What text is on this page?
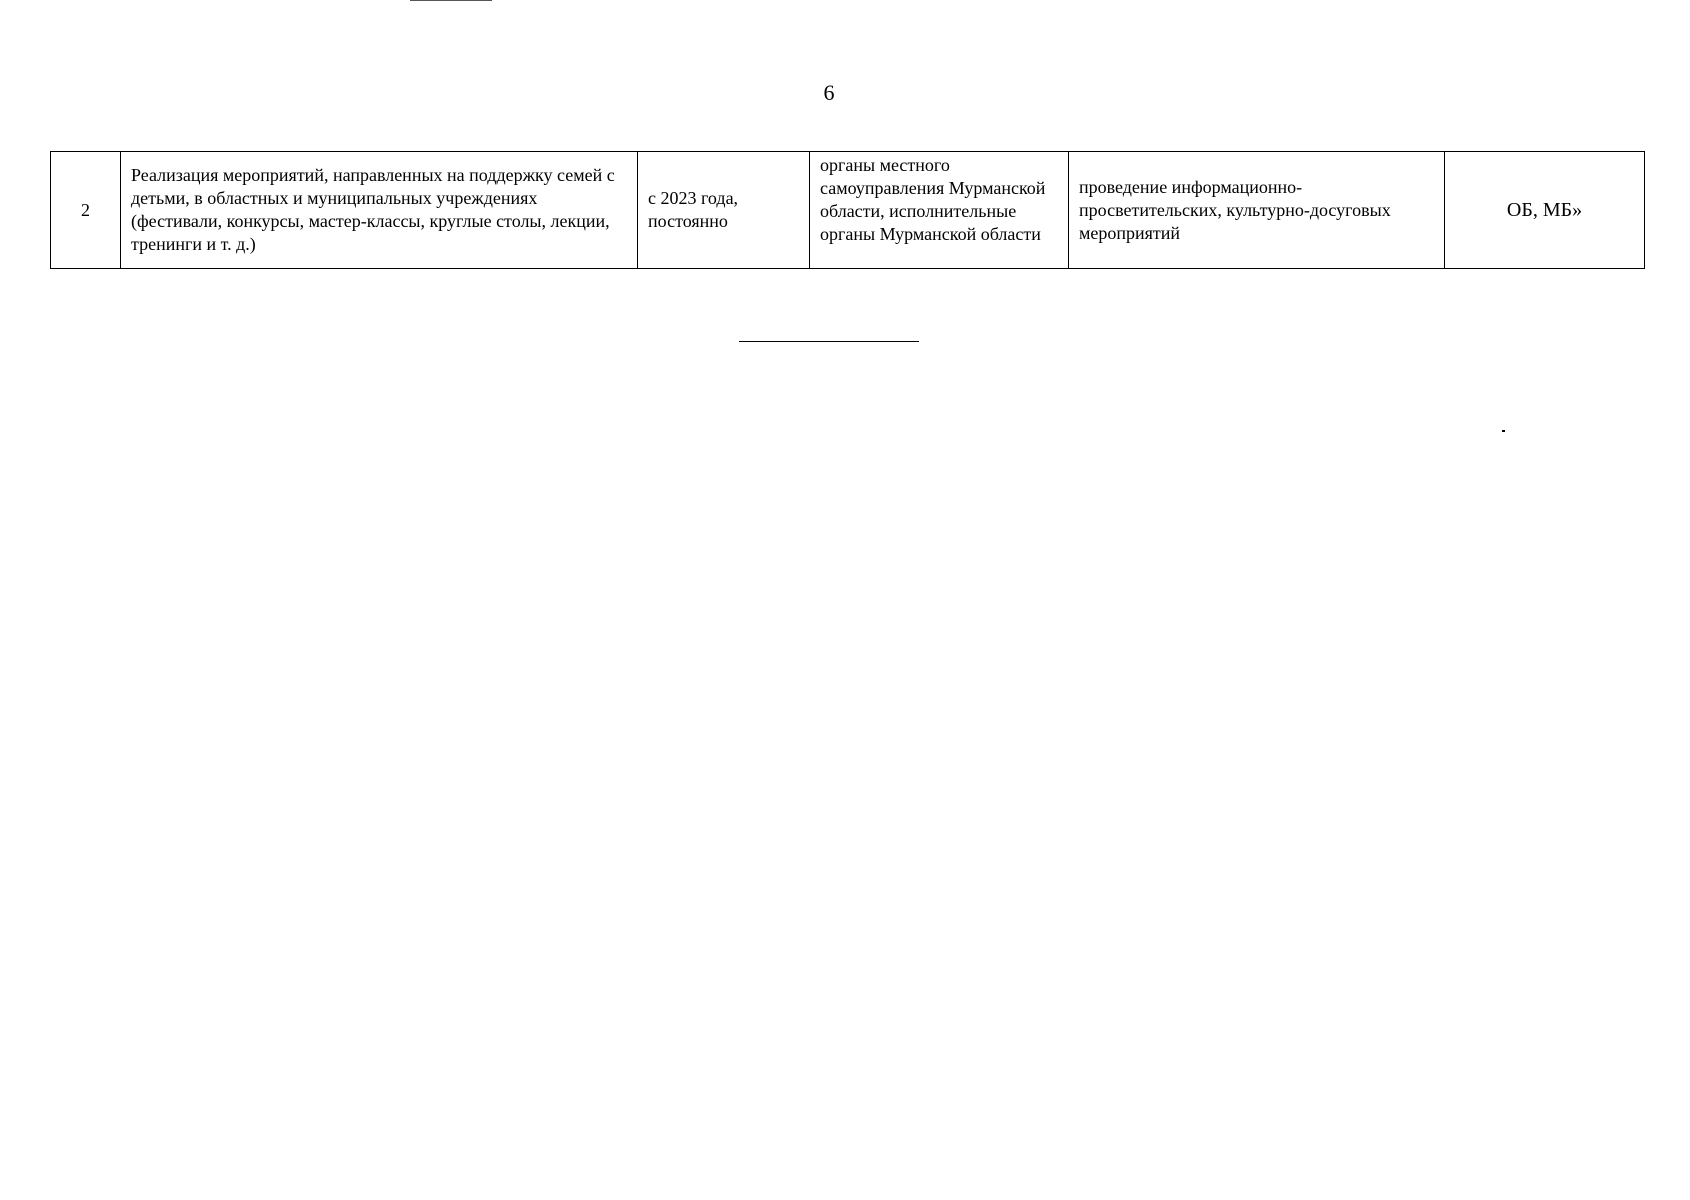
6
2	Реализация мероприятий, направленных на поддержку семей с детьми, в областных и муниципальных учреждениях (фестивали, конкурсы, мастер-классы, круглые столы, лекции, тренинги и т. д.)	с 2023 года, постоянно	органы местного самоуправления Мурманской области, исполнительные органы Мурманской области	проведение информационно-просветительских, культурно-досуговых мероприятий	ОБ, МБ»
